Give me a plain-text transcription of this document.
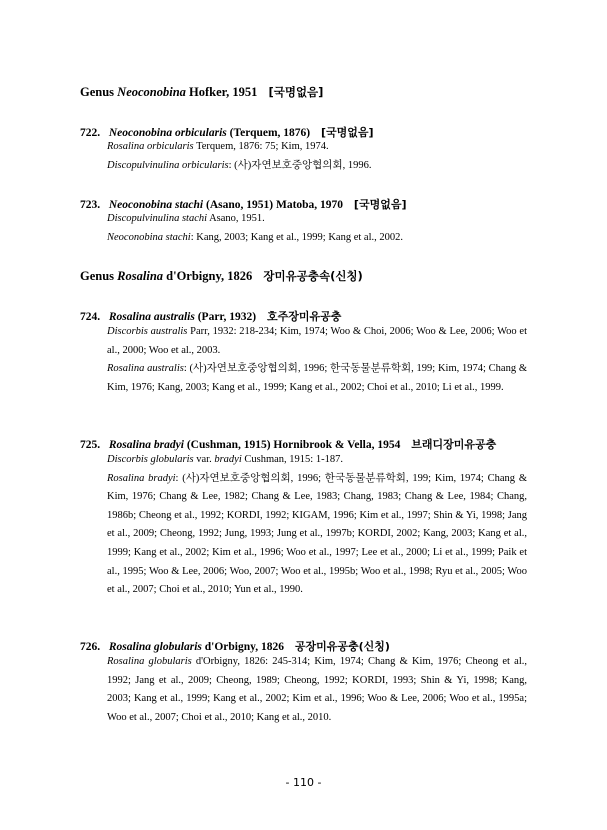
Genus Neoconobina Hofker, 1951 [국명없음]
722. Neoconobina orbicularis (Terquem, 1876) [국명없음]
Rosalina orbicularis Terquem, 1876: 75; Kim, 1974.
Discopulvinulina orbicularis: (사)자연보호중앙협의회, 1996.
723. Neoconobina stachi (Asano, 1951) Matoba, 1970 [국명없음]
Discopulvinulina stachi Asano, 1951.
Neoconobina stachi: Kang, 2003; Kang et al., 1999; Kang et al., 2002.
Genus Rosalina d'Orbigny, 1826 장미유공충속(신칭)
724. Rosalina australis (Parr, 1932) 호주장미유공충
Discorbis australis Parr, 1932: 218-234; Kim, 1974; Woo & Choi, 2006; Woo & Lee, 2006; Woo et al., 2000; Woo et al., 2003.
Rosalina australis: (사)자연보호중앙협의회, 1996; 한국동물분류학회, 199; Kim, 1974; Chang & Kim, 1976; Kang, 2003; Kang et al., 1999; Kang et al., 2002; Choi et al., 2010; Li et al., 1999.
725. Rosalina bradyi (Cushman, 1915) Hornibrook & Vella, 1954 브래디장미유공충
Discorbis globularis var. bradyi Cushman, 1915: 1-187.
Rosalina bradyi: (사)자연보호중앙협의회, 1996; 한국동물분류학회, 199; Kim, 1974; Chang & Kim, 1976; Chang & Lee, 1982; Chang & Lee, 1983; Chang, 1983; Chang & Lee, 1984; Chang, 1986b; Cheong et al., 1992; KORDI, 1992; KIGAM, 1996; Kim et al., 1997; Shin & Yi, 1998; Jang et al., 2009; Cheong, 1992; Jung, 1993; Jung et al., 1997b; KORDI, 2002; Kang, 2003; Kang et al., 1999; Kang et al., 2002; Kim et al., 1996; Woo et al., 1997; Lee et al., 2000; Li et al., 1999; Paik et al., 1995; Woo & Lee, 2006; Woo, 2007; Woo et al., 1995b; Woo et al., 1998; Ryu et al., 2005; Woo et al., 2007; Choi et al., 2010; Yun et al., 1990.
726. Rosalina globularis d'Orbigny, 1826 공장미유공충(신칭)
Rosalina globularis d'Orbigny, 1826: 245-314; Kim, 1974; Chang & Kim, 1976; Cheong et al., 1992; Jang et al., 2009; Cheong, 1989; Cheong, 1992; KORDI, 1993; Shin & Yi, 1998; Kang, 2003; Kang et al., 1999; Kang et al., 2002; Kim et al., 1996; Woo & Lee, 2006; Woo et al., 1995a; Woo et al., 2007; Choi et al., 2010; Kang et al., 2010.
- 110 -
